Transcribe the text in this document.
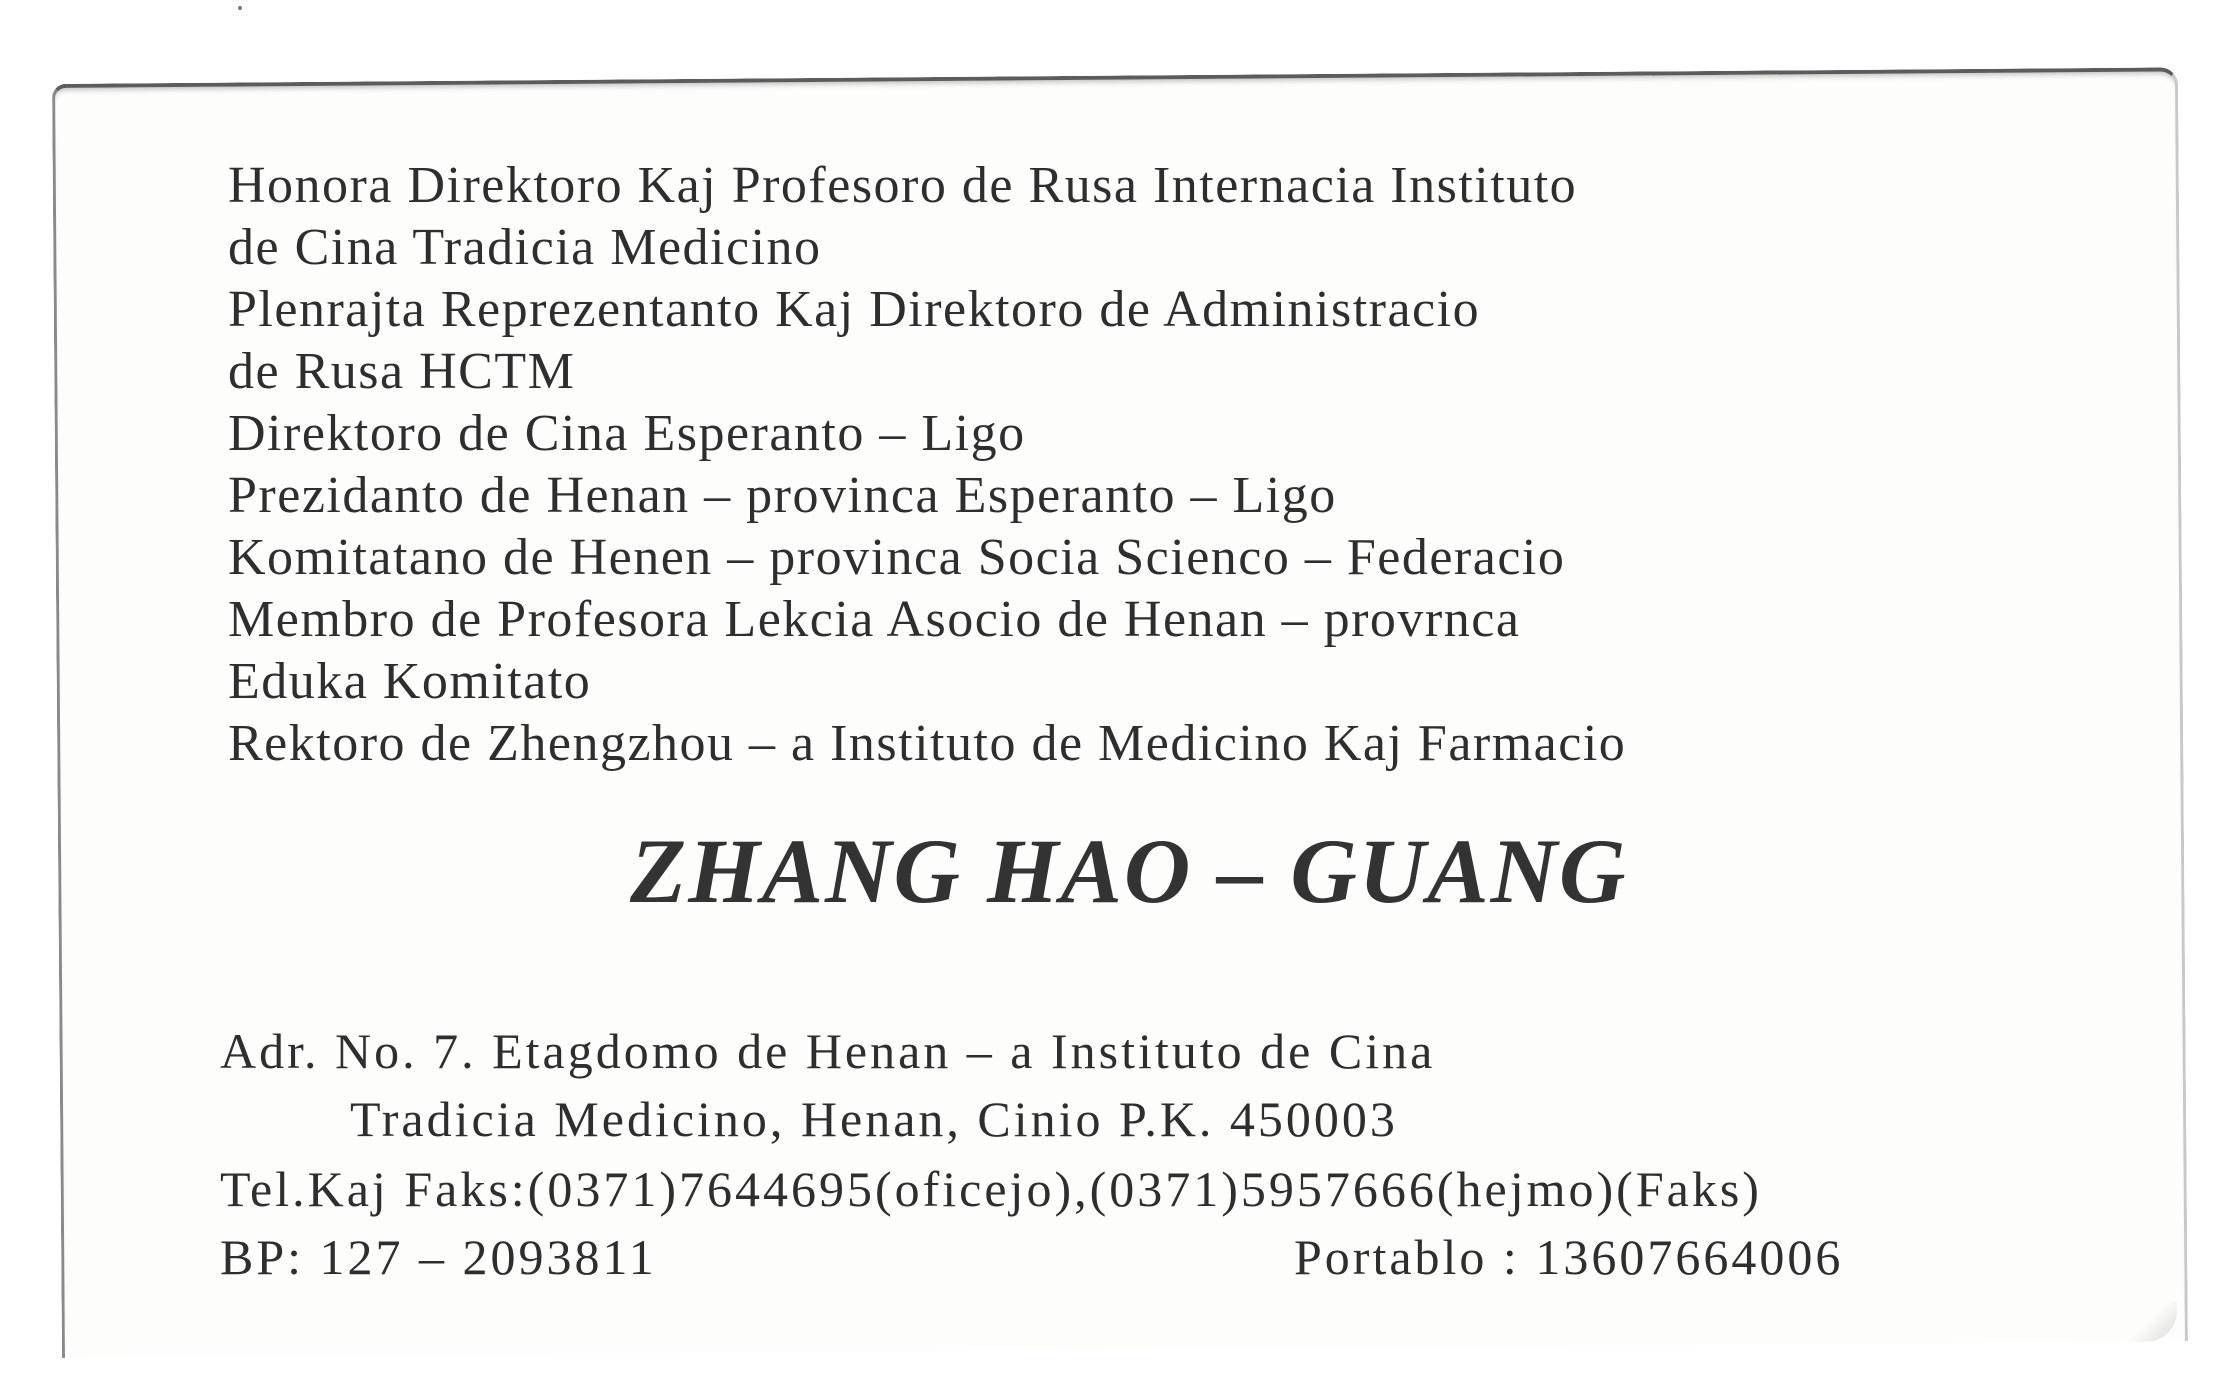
Honora Direktoro Kaj Profesoro de Rusa Internacia Instituto
de Cina Tradicia Medicino
Plenrajta Reprezentanto Kaj Direktoro de Administracio
de Rusa HCTM
Direktoro de Cina Esperanto – Ligo
Prezidanto de Henan – provinca Esperanto – Ligo
Komitatano de Henen – provinca Socia Scienco – Federacio
Membro de Profesora Lekcia Asocio de Henan – provrnca
Eduka Komitato
Rektoro de Zhengzhou – a Instituto de Medicino Kaj Farmacio
ZHANG HAO – GUANG
Adr. No. 7. Etagdomo de Henan – a Instituto de Cina
Tradicia Medicino, Henan, Cinio P.K. 450003
Tel.Kaj Faks:(0371)7644695(oficejo),(0371)5957666(hejmo)(Faks)
BP: 127 – 2093811	Portablo : 13607664006
